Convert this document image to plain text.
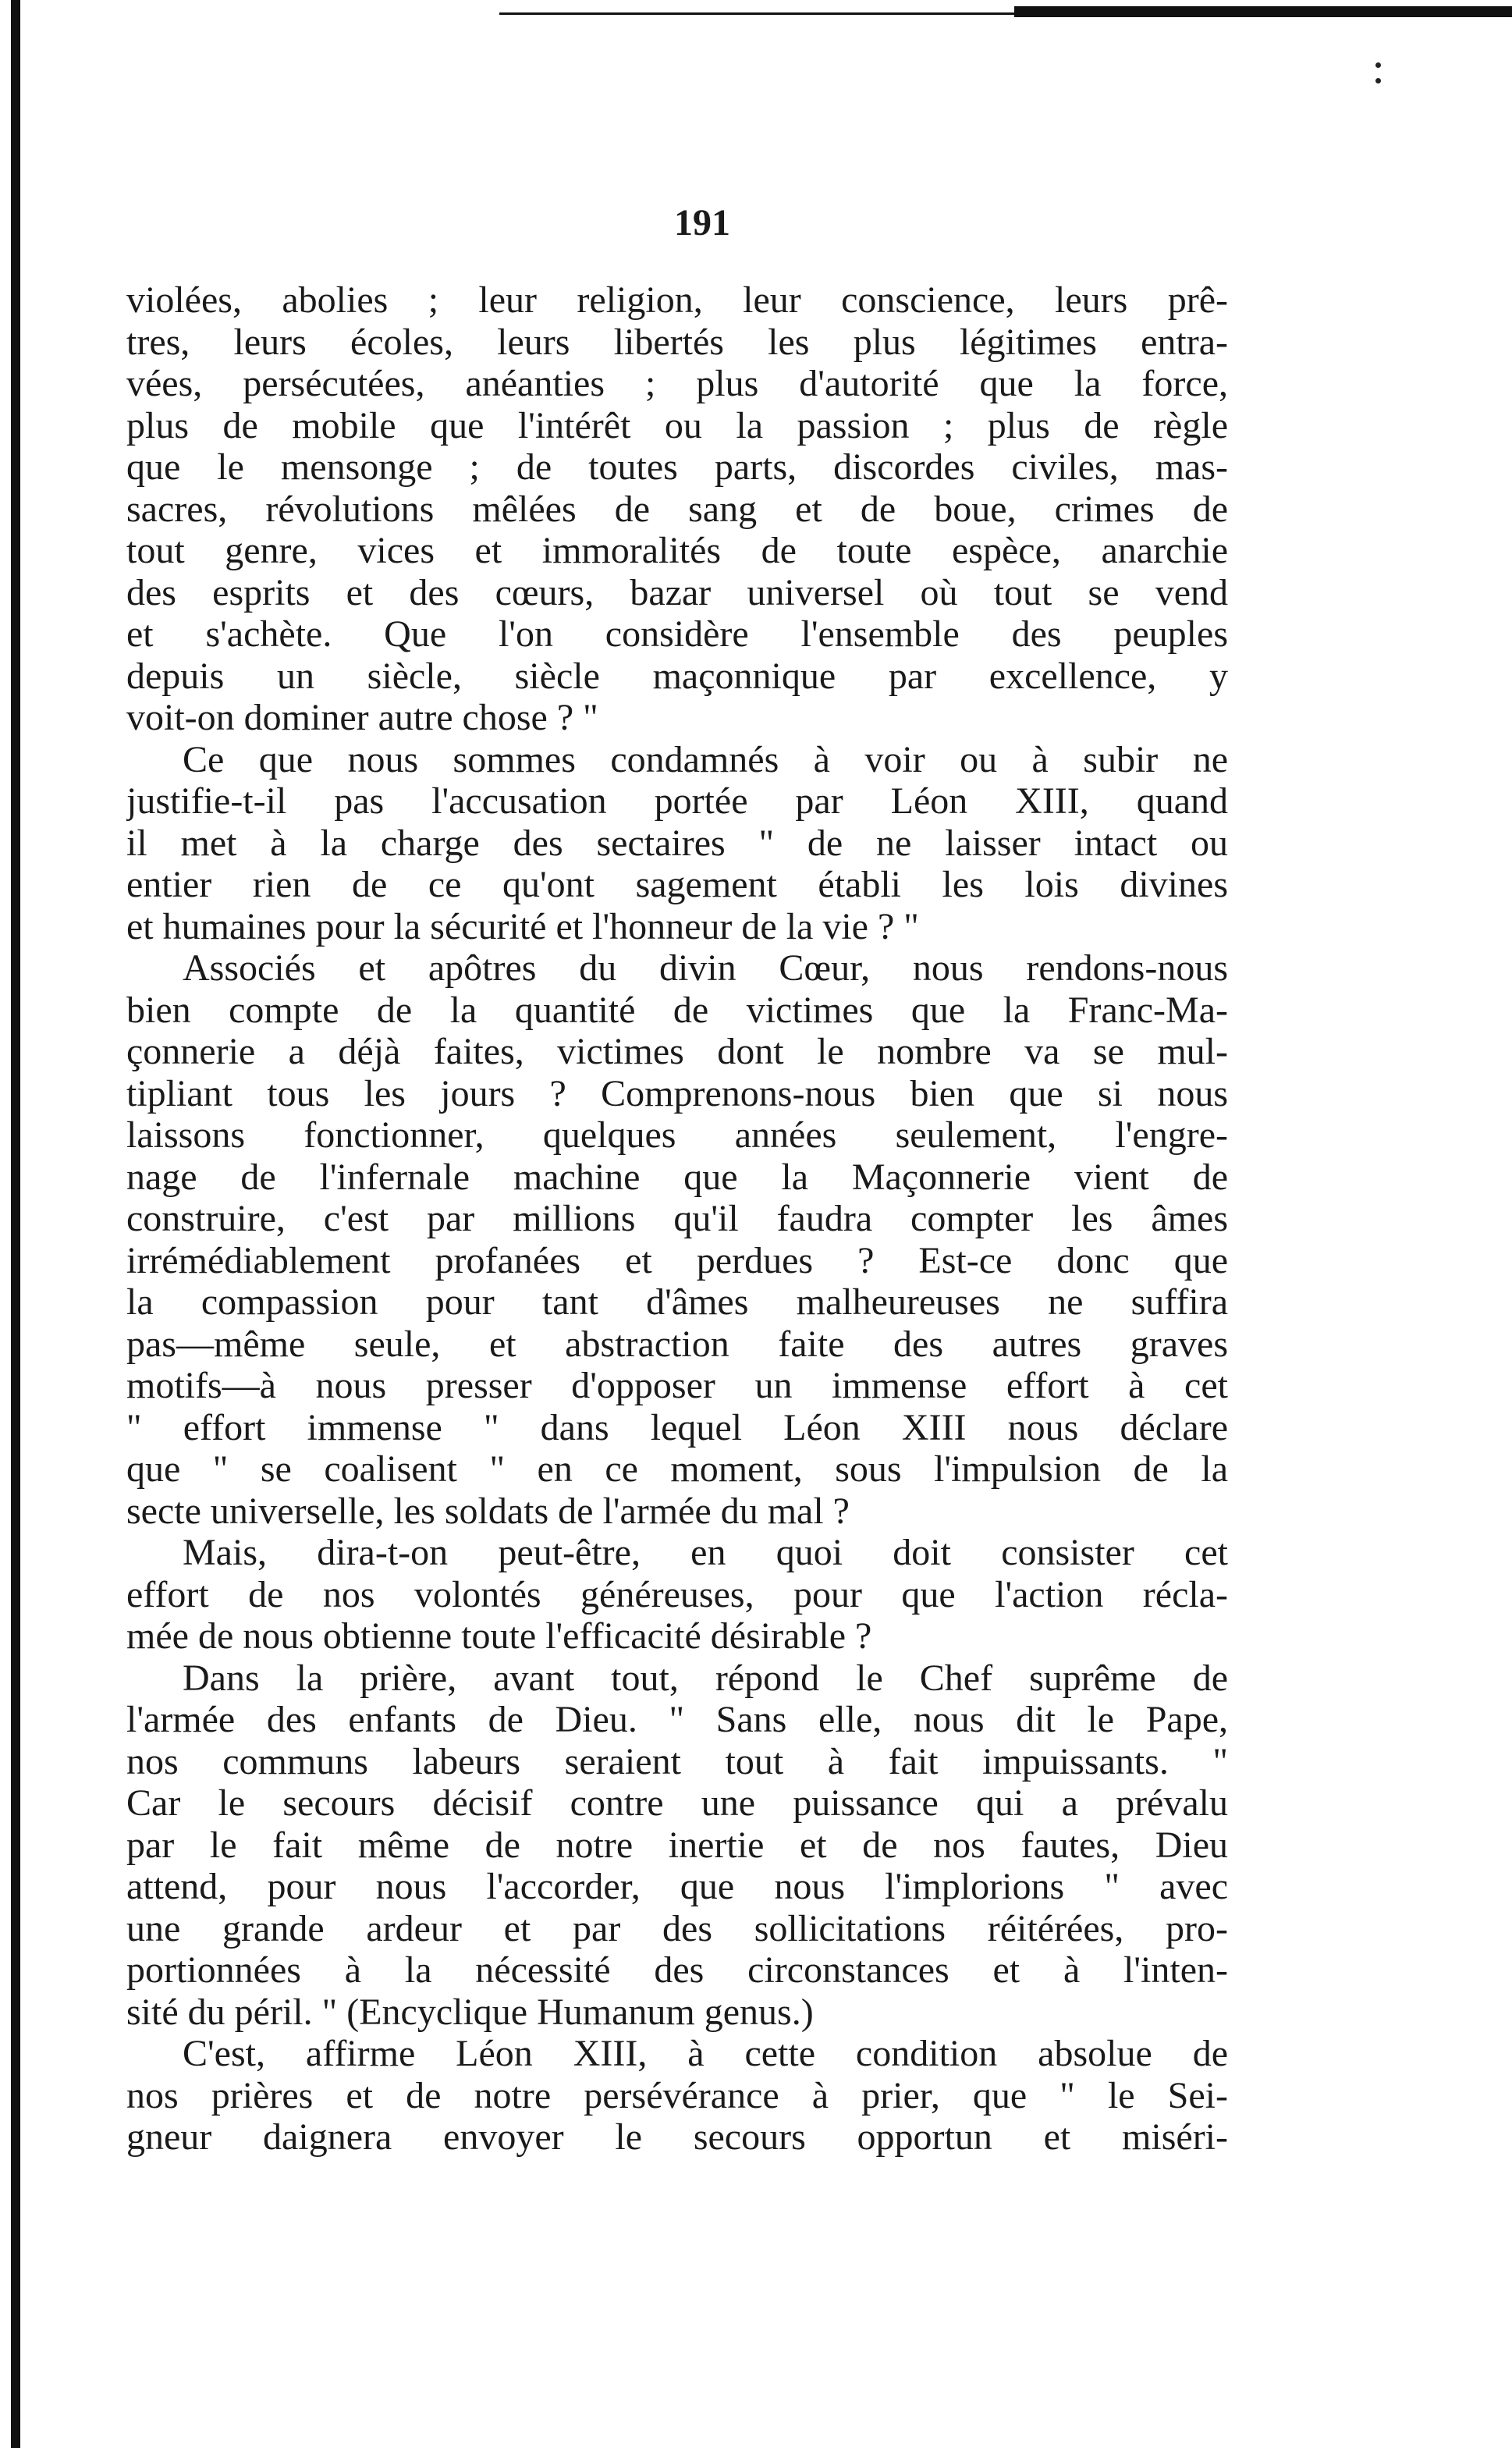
191
violées, abolies ; leur religion, leur conscience, leurs prê-
tres, leurs écoles, leurs libertés les plus légitimes entra-
vées, persécutées, anéanties ; plus d'autorité que la force,
plus de mobile que l'intérêt ou la passion ; plus de règle
que le mensonge ; de toutes parts, discordes civiles, mas-
sacres, révolutions mêlées de sang et de boue, crimes de
tout genre, vices et immoralités de toute espèce, anarchie
des esprits et des cœurs, bazar universel où tout se vend
et s'achète. Que l'on considère l'ensemble des peuples
depuis un siècle, siècle maçonnique par excellence, y
voit-on dominer autre chose ? "
Ce que nous sommes condamnés à voir ou à subir ne
justifie-t-il pas l'accusation portée par Léon XIII, quand
il met à la charge des sectaires " de ne laisser intact ou
entier rien de ce qu'ont sagement établi les lois divines
et humaines pour la sécurité et l'honneur de la vie ? "
Associés et apôtres du divin Cœur, nous rendons-nous
bien compte de la quantité de victimes que la Franc-Ma-
çonnerie a déjà faites, victimes dont le nombre va se mul-
tipliant tous les jours ? Comprenons-nous bien que si nous
laissons fonctionner, quelques années seulement, l'engre-
nage de l'infernale machine que la Maçonnerie vient de
construire, c'est par millions qu'il faudra compter les âmes
irrémédiablement profanées et perdues ? Est-ce donc que
la compassion pour tant d'âmes malheureuses ne suffira
pas—même seule, et abstraction faite des autres graves
motifs—à nous presser d'opposer un immense effort à cet
" effort immense " dans lequel Léon XIII nous déclare
que " se coalisent " en ce moment, sous l'impulsion de la
secte universelle, les soldats de l'armée du mal ?
Mais, dira-t-on peut-être, en quoi doit consister cet
effort de nos volontés généreuses, pour que l'action récla-
mée de nous obtienne toute l'efficacité désirable ?
Dans la prière, avant tout, répond le Chef suprême de
l'armée des enfants de Dieu. " Sans elle, nous dit le Pape,
nos communs labeurs seraient tout à fait impuissants. "
Car le secours décisif contre une puissance qui a prévalu
par le fait même de notre inertie et de nos fautes, Dieu
attend, pour nous l'accorder, que nous l'implorions " avec
une grande ardeur et par des sollicitations réitérées, pro-
portionnées à la nécessité des circonstances et à l'inten-
sité du péril. " (Encyclique Humanum genus.)
C'est, affirme Léon XIII, à cette condition absolue de
nos prières et de notre persévérance à prier, que " le Sei-
gneur daignera envoyer le secours opportun et miséri-
